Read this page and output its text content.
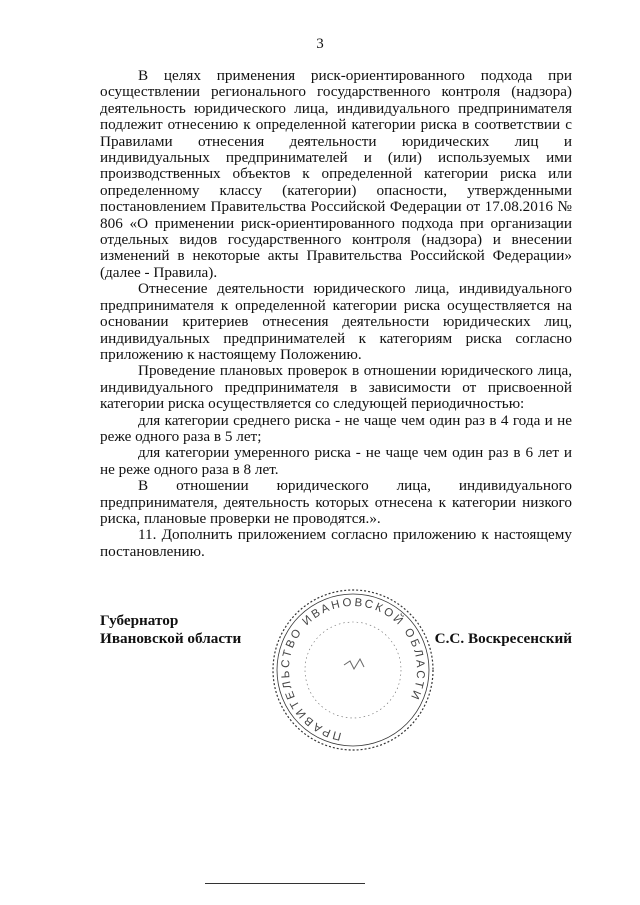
3

В целях применения риск-ориентированного подхода при осуществлении регионального государственного контроля (надзора) деятельность юридического лица, индивидуального предпринимателя подлежит отнесению к определенной категории риска в соответствии с Правилами отнесения деятельности юридических лиц и индивидуальных предпринимателей и (или) используемых ими производственных объектов к определенной категории риска или определенному классу (категории) опасности, утвержденными постановлением Правительства Российской Федерации от 17.08.2016 № 806 «О применении риск-ориентированного подхода при организации отдельных видов государственного контроля (надзора) и внесении изменений в некоторые акты Правительства Российской Федерации» (далее - Правила).

Отнесение деятельности юридического лица, индивидуального предпринимателя к определенной категории риска осуществляется на основании критериев отнесения деятельности юридических лиц, индивидуальных предпринимателей к категориям риска согласно приложению к настоящему Положению.

Проведение плановых проверок в отношении юридического лица, индивидуального предпринимателя в зависимости от присвоенной категории риска осуществляется со следующей периодичностью:

для категории среднего риска - не чаще чем один раз в 4 года и не реже одного раза в 5 лет;

для категории умеренного риска - не чаще чем один раз в 6 лет и не реже одного раза в 8 лет.

В отношении юридического лица, индивидуального предпринимателя, деятельность которых отнесена к категории низкого риска, плановые проверки не проводятся.».

11. Дополнить приложением согласно приложению к настоящему постановлению.

Губернатор
Ивановской области
ПРАВИТЕЛЬСТВО ИВАНОВСКОЙ ОБЛАСТИ
С.С. Воскресенский
